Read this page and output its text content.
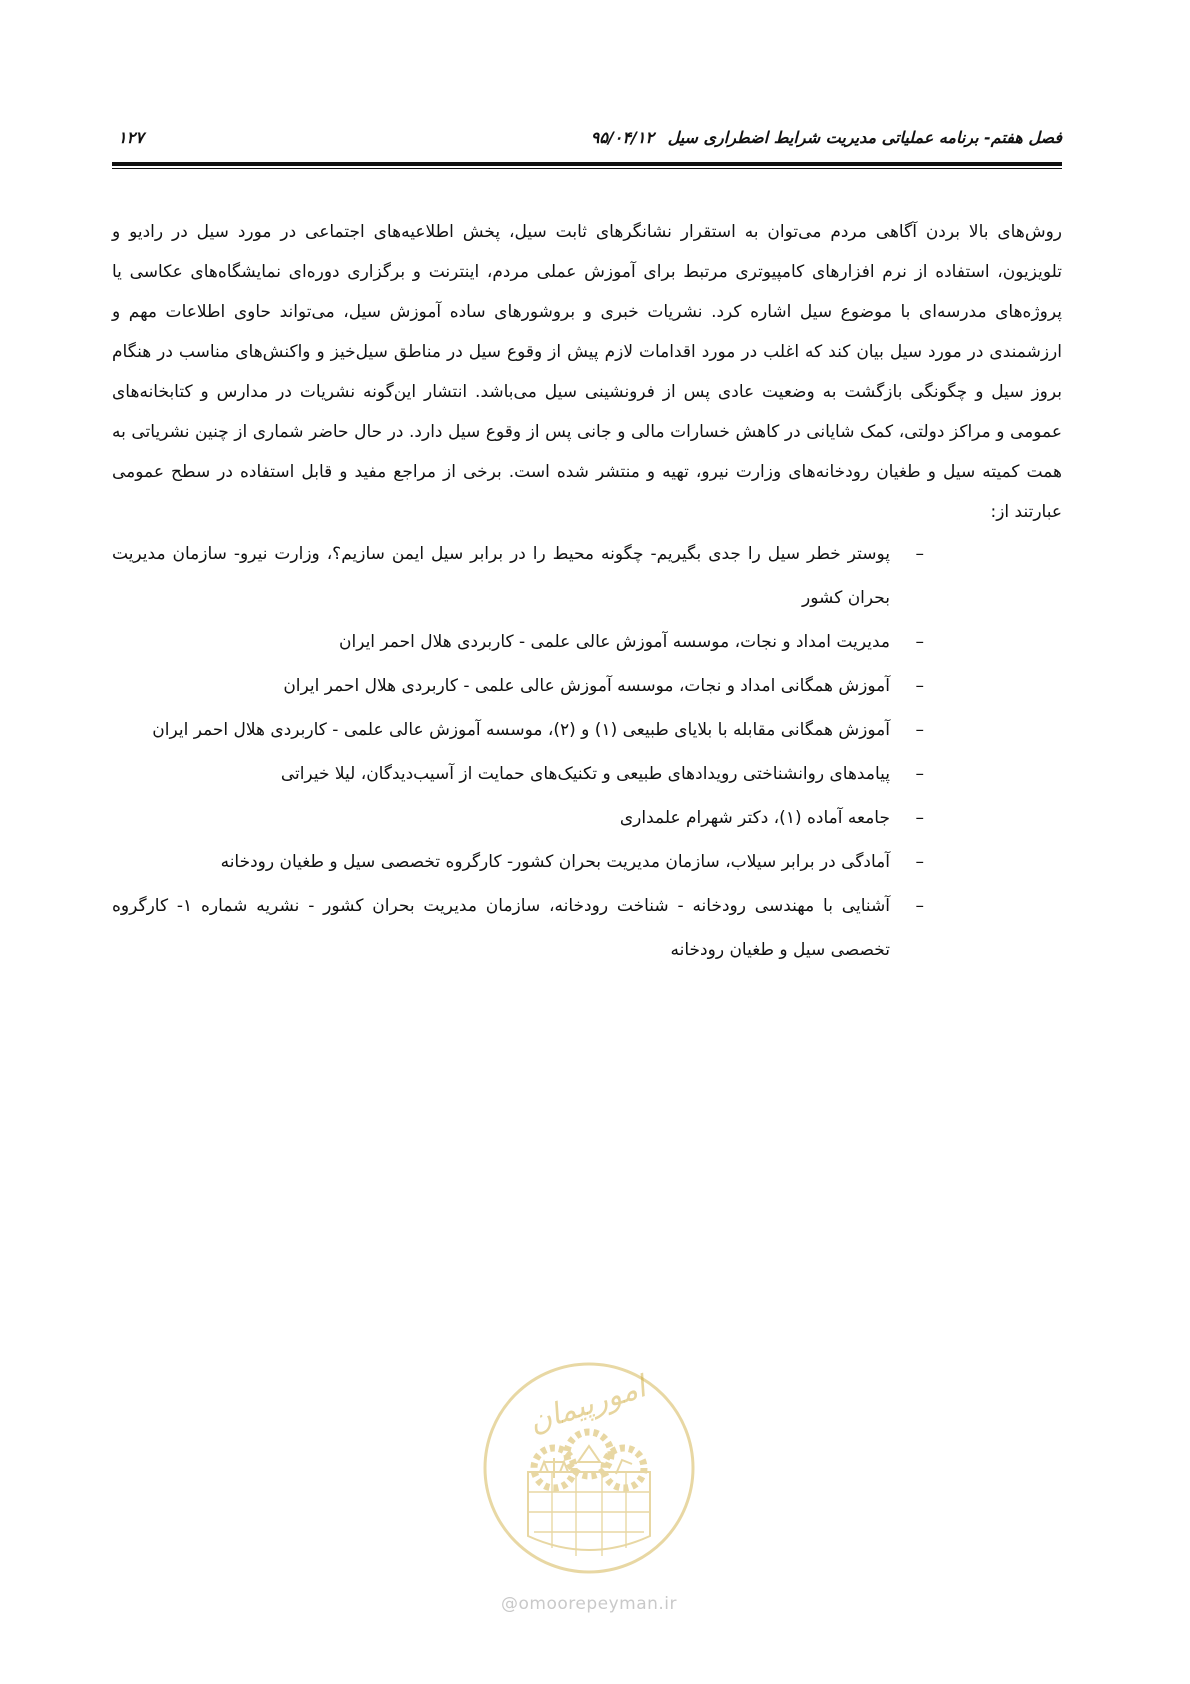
فصل هفتم- برنامه عملیاتی مدیریت شرایط اضطراری سیل
۹۵/۰۴/۱۲
۱۲۷

روش‌های بالا بردن آگاهی مردم می‌توان به استقرار نشانگرهای ثابت سیل، پخش اطلاعیه‌های اجتماعی در مورد سیل در رادیو و تلویزیون، استفاده از نرم افزارهای کامپیوتری مرتبط برای آموزش عملی مردم، اینترنت و برگزاری دوره‌ای نمایشگاه‌های عکاسی یا پروژه‌های مدرسه‌ای با موضوع سیل اشاره کرد. نشریات خبری و بروشورهای ساده آموزش سیل، می‌تواند حاوی اطلاعات مهم و ارزشمندی در مورد سیل بیان کند که اغلب در مورد اقدامات لازم پیش از وقوع سیل در مناطق سیل‌خیز و واکنش‌های مناسب در هنگام بروز سیل و چگونگی بازگشت به وضعیت عادی پس از فرونشینی سیل می‌باشد. انتشار این‌گونه نشریات در مدارس و کتابخانه‌های عمومی و مراکز دولتی، کمک شایانی در کاهش خسارات مالی و جانی پس از وقوع سیل دارد. در حال حاضر شماری از چنین نشریاتی به همت کمیته سیل و طغیان رودخانه‌های وزارت نیرو، تهیه و منتشر شده است. برخی از مراجع مفید و قابل استفاده در سطح عمومی عبارتند از:

–
پوستر خطر سیل را جدی بگیریم- چگونه محیط را در برابر سیل ایمن سازیم؟، وزارت نیرو- سازمان مدیریت بحران کشور
–
مدیریت امداد و نجات، موسسه آموزش عالی علمی - کاربردی هلال احمر ایران
–
آموزش همگانی امداد و نجات، موسسه آموزش عالی علمی - کاربردی هلال احمر ایران
–
آموزش همگانی مقابله با بلایای طبیعی (۱) و (۲)، موسسه آموزش عالی علمی - کاربردی هلال احمر ایران
–
پیامدهای روانشناختی رویدادهای طبیعی و تکنیک‌های حمایت از آسیب‌دیدگان، لیلا خیراتی
–
جامعه آماده (۱)، دکتر شهرام علمداری
–
آمادگی در برابر سیلاب، سازمان مدیریت بحران کشور- کارگروه تخصصی سیل و طغیان رودخانه
–
آشنایی با مهندسی رودخانه - شناخت رودخانه، سازمان مدیریت بحران کشور - نشریه شماره ۱- کارگروه تخصصی سیل و طغیان رودخانه
امورپیمان
@omoorepeyman.ir
